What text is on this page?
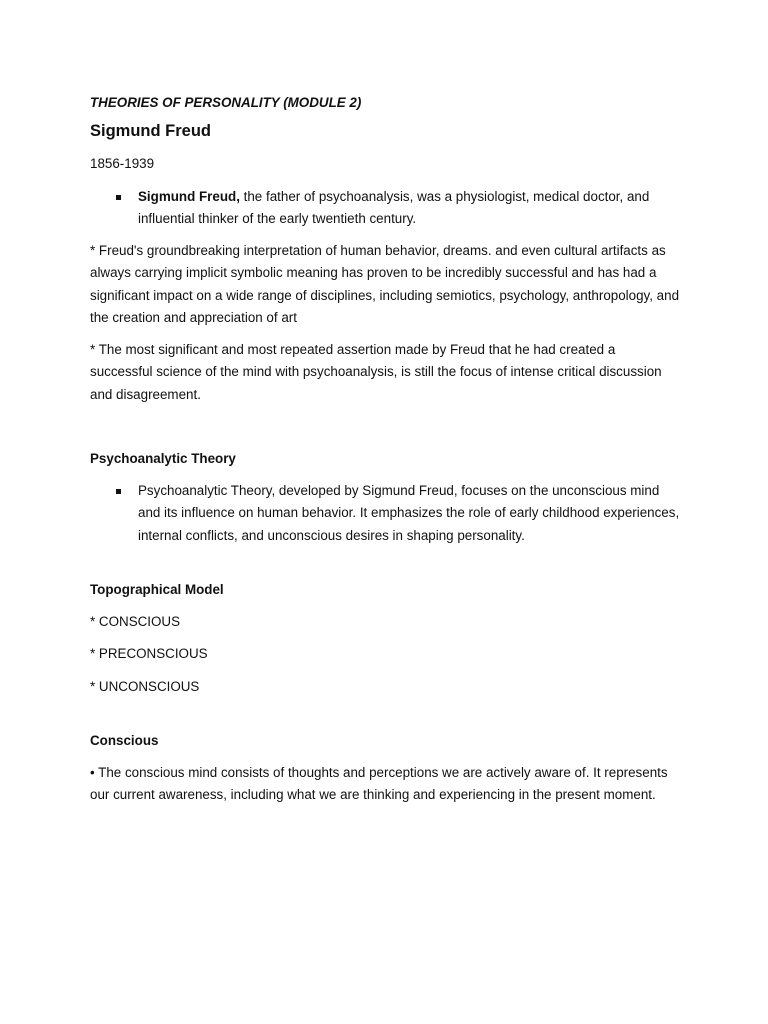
THEORIES OF PERSONALITY (MODULE 2)

Sigmund Freud

1856-1939

Sigmund Freud, the father of psychoanalysis, was a physiologist, medical doctor, and influential thinker of the early twentieth century.

* Freud's groundbreaking interpretation of human behavior, dreams. and even cultural artifacts as always carrying implicit symbolic meaning has proven to be incredibly successful and has had a significant impact on a wide range of disciplines, including semiotics, psychology, anthropology, and the creation and appreciation of art

* The most significant and most repeated assertion made by Freud that he had created a successful science of the mind with psychoanalysis, is still the focus of intense critical discussion and disagreement.

Psychoanalytic Theory

Psychoanalytic Theory, developed by Sigmund Freud, focuses on the unconscious mind and its influence on human behavior. It emphasizes the role of early childhood experiences, internal conflicts, and unconscious desires in shaping personality.

Topographical Model

* CONSCIOUS

* PRECONSCIOUS

* UNCONSCIOUS

Conscious

• The conscious mind consists of thoughts and perceptions we are actively aware of. It represents our current awareness, including what we are thinking and experiencing in the present moment.
